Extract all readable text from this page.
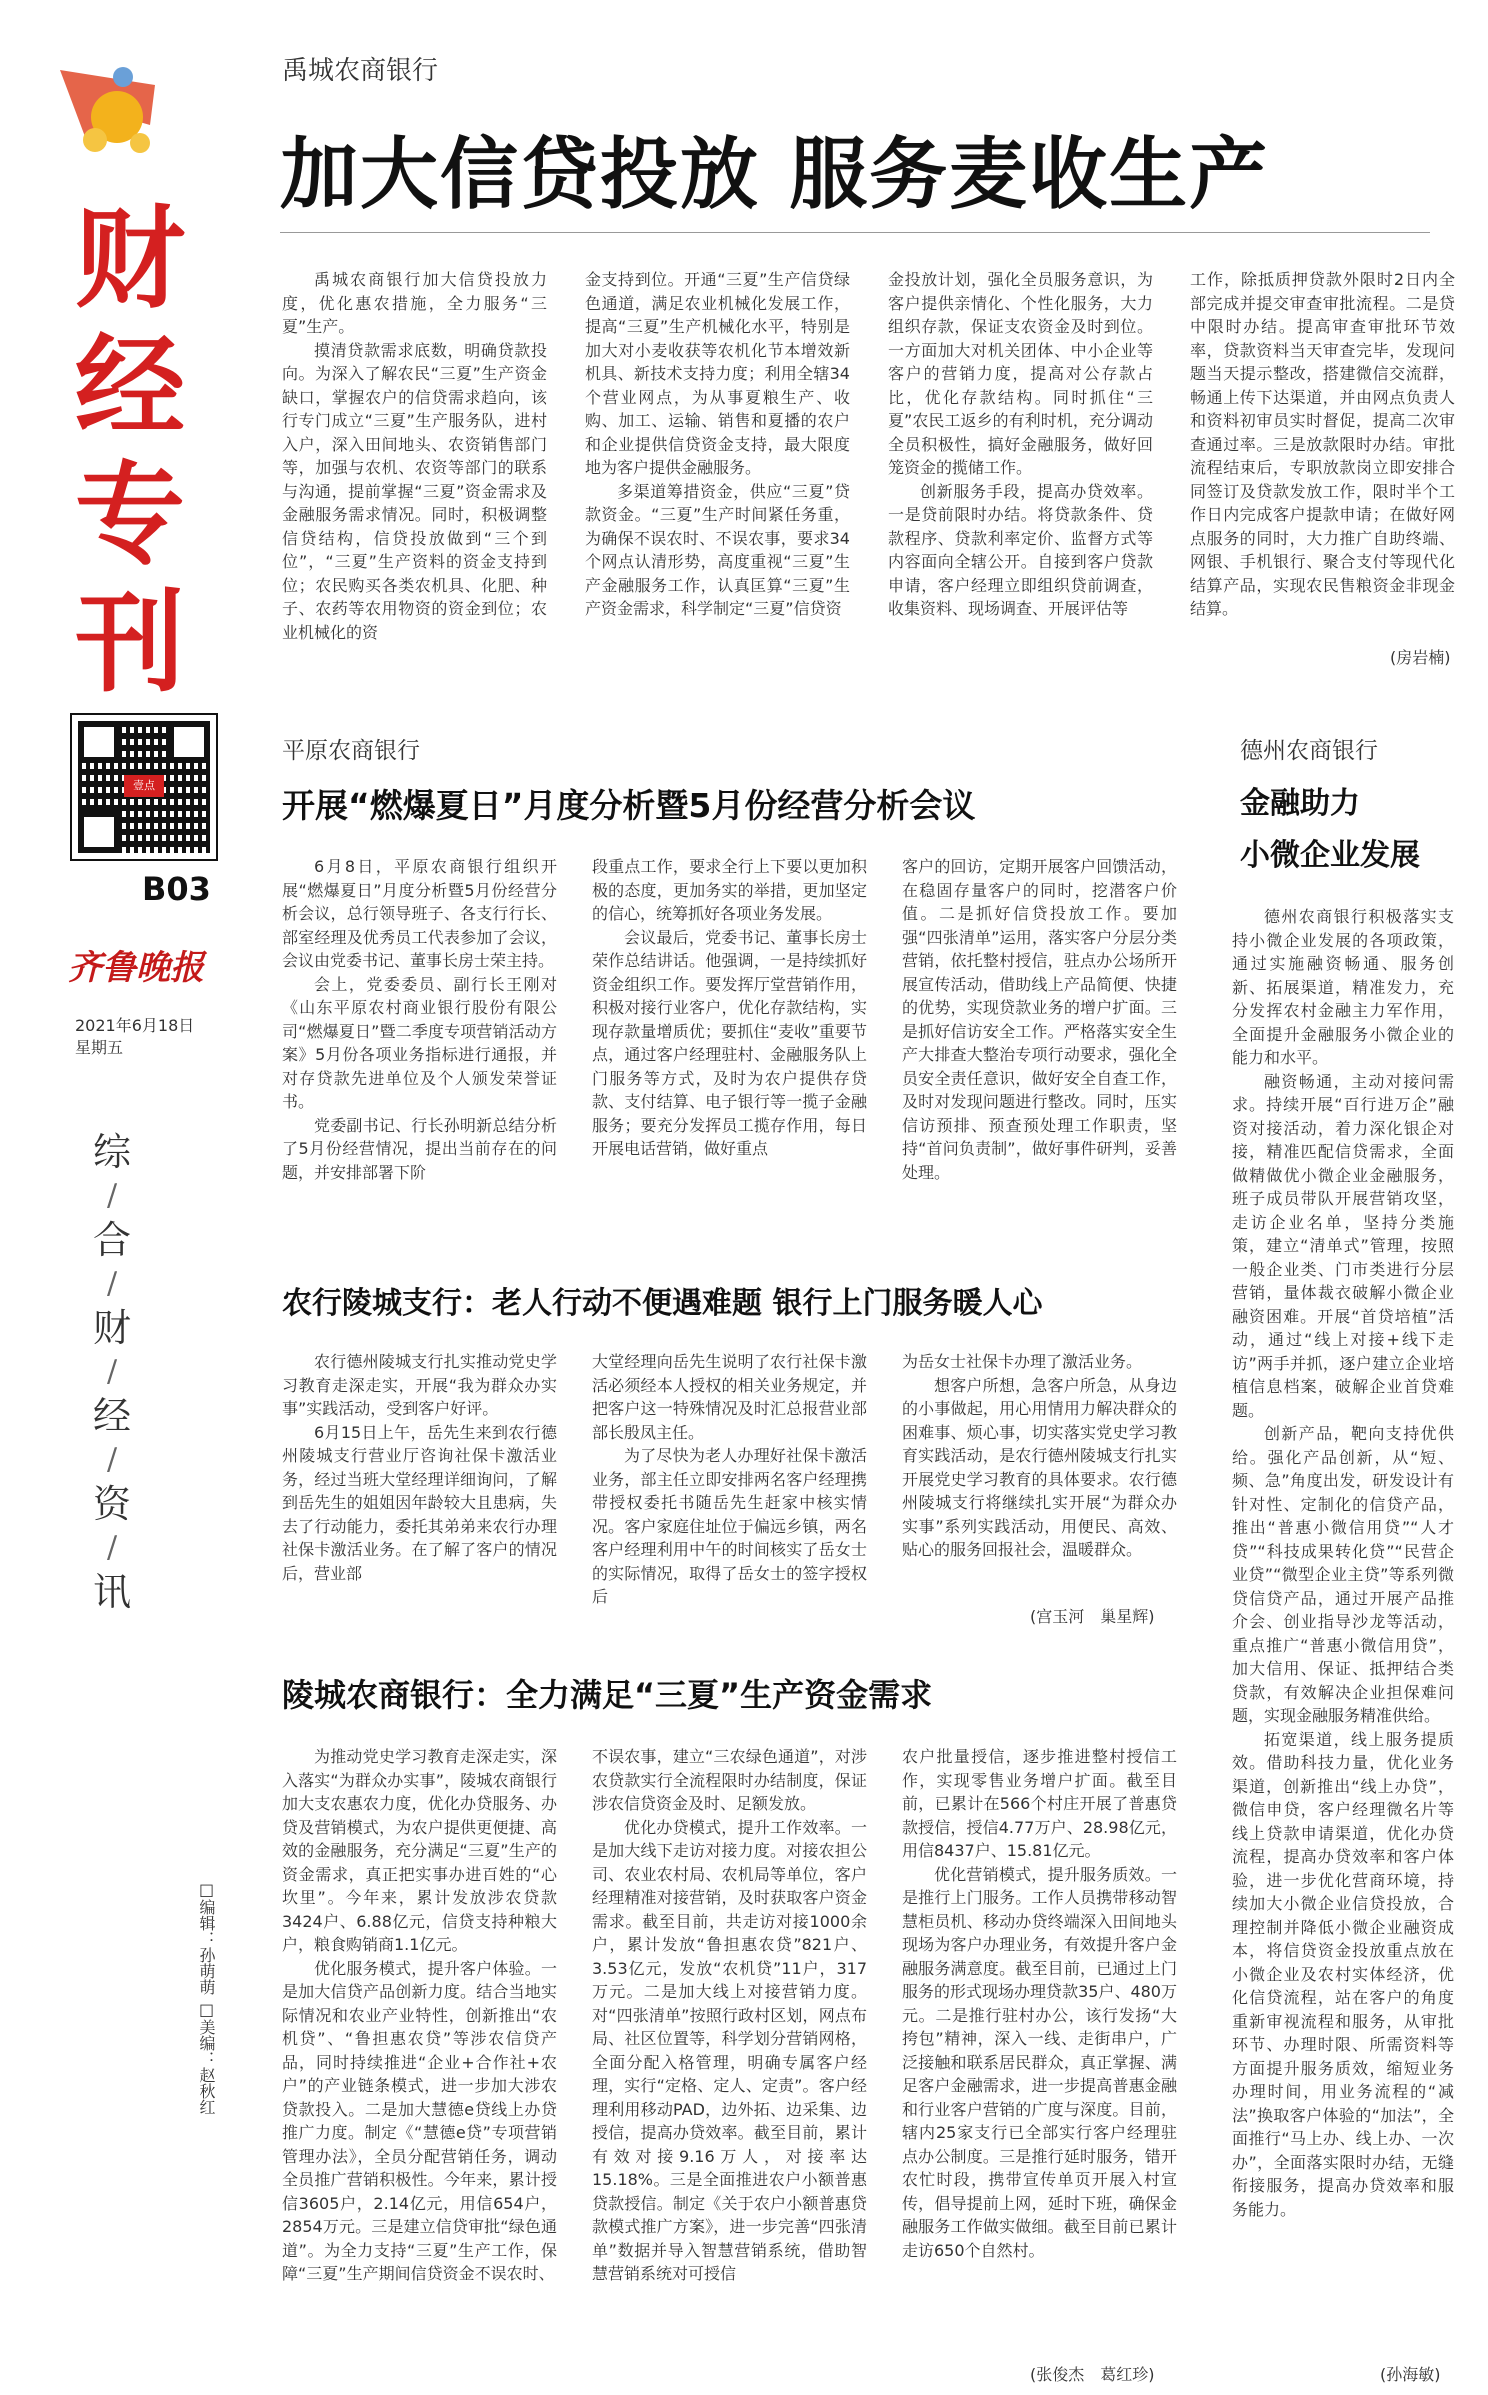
财
经
专
刊
壹点
B03
齐鲁晚报
2021年6月18日
星期五
综
/
合
/
财
/
经
/
资
/
讯
□编辑：孙萌萌 □美编：赵秋红
禹城农商银行
加大信贷投放 服务麦收生产

禹城农商银行加大信贷投放力度，优化惠农措施，全力服务“三夏”生产。

摸清贷款需求底数，明确贷款投向。为深入了解农民“三夏”生产资金缺口，掌握农户的信贷需求趋向，该行专门成立“三夏”生产服务队，进村入户，深入田间地头、农资销售部门等，加强与农机、农资等部门的联系与沟通，提前掌握“三夏”资金需求及金融服务需求情况。同时，积极调整信贷结构，信贷投放做到“三个到位”，“三夏”生产资料的资金支持到位；农民购买各类农机具、化肥、种子、农药等农用物资的资金到位；农业机械化的资

金支持到位。开通“三夏”生产信贷绿色通道，满足农业机械化发展工作，提高“三夏”生产机械化水平，特别是加大对小麦收获等农机化节本增效新机具、新技术支持力度；利用全辖34个营业网点，为从事夏粮生产、收购、加工、运输、销售和夏播的农户和企业提供信贷资金支持，最大限度地为客户提供金融服务。

多渠道筹措资金，供应“三夏”贷款资金。“三夏”生产时间紧任务重，为确保不误农时、不误农事，要求34个网点认清形势，高度重视“三夏”生产金融服务工作，认真匡算“三夏”生产资金需求，科学制定“三夏”信贷资

金投放计划，强化全员服务意识，为客户提供亲情化、个性化服务，大力组织存款，保证支农资金及时到位。一方面加大对机关团体、中小企业等客户的营销力度，提高对公存款占比，优化存款结构。同时抓住“三夏”农民工返乡的有利时机，充分调动全员积极性，搞好金融服务，做好回笼资金的揽储工作。

创新服务手段，提高办贷效率。一是贷前限时办结。将贷款条件、贷款程序、贷款利率定价、监督方式等内容面向全辖公开。自接到客户贷款申请，客户经理立即组织贷前调查，收集资料、现场调查、开展评估等

工作，除抵质押贷款外限时2日内全部完成并提交审查审批流程。二是贷中限时办结。提高审查审批环节效率，贷款资料当天审查完毕，发现问题当天提示整改，搭建微信交流群，畅通上传下达渠道，并由网点负责人和资料初审员实时督促，提高二次审查通过率。三是放款限时办结。审批流程结束后，专职放款岗立即安排合同签订及贷款发放工作，限时半个工作日内完成客户提款申请；在做好网点服务的同时，大力推广自助终端、网银、手机银行、聚合支付等现代化结算产品，实现农民售粮资金非现金结算。

(房岩楠)
平原农商银行
开展“燃爆夏日”月度分析暨5月份经营分析会议

6月8日，平原农商银行组织开展“燃爆夏日”月度分析暨5月份经营分析会议，总行领导班子、各支行行长、部室经理及优秀员工代表参加了会议，会议由党委书记、董事长房士荣主持。

会上，党委委员、副行长王刚对《山东平原农村商业银行股份有限公司“燃爆夏日”暨二季度专项营销活动方案》5月份各项业务指标进行通报，并对存贷款先进单位及个人颁发荣誉证书。

党委副书记、行长孙明新总结分析了5月份经营情况，提出当前存在的问题，并安排部署下阶

段重点工作，要求全行上下要以更加积极的态度，更加务实的举措，更加坚定的信心，统筹抓好各项业务发展。

会议最后，党委书记、董事长房士荣作总结讲话。他强调，一是持续抓好资金组织工作。要发挥厅堂营销作用，积极对接行业客户，优化存款结构，实现存款量增质优；要抓住“麦收”重要节点，通过客户经理驻村、金融服务队上门服务等方式，及时为农户提供存贷款、支付结算、电子银行等一揽子金融服务；要充分发挥员工揽存作用，每日开展电话营销，做好重点

客户的回访，定期开展客户回馈活动，在稳固存量客户的同时，挖潜客户价值。二是抓好信贷投放工作。要加强“四张清单”运用，落实客户分层分类营销，依托整村授信，驻点办公场所开展宣传活动，借助线上产品简便、快捷的优势，实现贷款业务的增户扩面。三是抓好信访安全工作。严格落实安全生产大排查大整治专项行动要求，强化全员安全责任意识，做好安全自查工作，及时对发现问题进行整改。同时，压实信访预排、预查预处理工作职责，坚持“首问负责制”，做好事件研判，妥善处理。

农行陵城支行：老人行动不便遇难题 银行上门服务暖人心

农行德州陵城支行扎实推动党史学习教育走深走实，开展“我为群众办实事”实践活动，受到客户好评。

6月15日上午，岳先生来到农行德州陵城支行营业厅咨询社保卡激活业务，经过当班大堂经理详细询问，了解到岳先生的姐姐因年龄较大且患病，失去了行动能力，委托其弟弟来农行办理社保卡激活业务。在了解了客户的情况后，营业部

大堂经理向岳先生说明了农行社保卡激活必须经本人授权的相关业务规定，并把客户这一特殊情况及时汇总报营业部部长殷凤主任。

为了尽快为老人办理好社保卡激活业务，部主任立即安排两名客户经理携带授权委托书随岳先生赶家中核实情况。客户家庭住址位于偏远乡镇，两名客户经理利用中午的时间核实了岳女士的实际情况，取得了岳女士的签字授权后

为岳女士社保卡办理了激活业务。

想客户所想，急客户所急，从身边的小事做起，用心用情用力解决群众的困难事、烦心事，切实落实党史学习教育实践活动，是农行德州陵城支行扎实开展党史学习教育的具体要求。农行德州陵城支行将继续扎实开展“为群众办实事”系列实践活动，用便民、高效、贴心的服务回报社会，温暖群众。

(宫玉河　巢星辉)
陵城农商银行：全力满足“三夏”生产资金需求

为推动党史学习教育走深走实，深入落实“为群众办实事”，陵城农商银行加大支农惠农力度，优化办贷服务、办贷及营销模式，为农户提供更便捷、高效的金融服务，充分满足“三夏”生产的资金需求，真正把实事办进百姓的“心坎里”。今年来，累计发放涉农贷款3424户、6.88亿元，信贷支持种粮大户，粮食购销商1.1亿元。

优化服务模式，提升客户体验。一是加大信贷产品创新力度。结合当地实际情况和农业产业特性，创新推出“农机贷”、“鲁担惠农贷”等涉农信贷产品，同时持续推进“企业+合作社+农户”的产业链条模式，进一步加大涉农贷款投入。二是加大慧德e贷线上办贷推广力度。制定《“慧德e贷”专项营销管理办法》，全员分配营销任务，调动全员推广营销积极性。今年来，累计授信3605户，2.14亿元，用信654户，2854万元。三是建立信贷审批“绿色通道”。为全力支持“三夏”生产工作，保障“三夏”生产期间信贷资金不误农时、

不误农事，建立“三农绿色通道”，对涉农贷款实行全流程限时办结制度，保证涉农信贷资金及时、足额发放。

优化办贷模式，提升工作效率。一是加大线下走访对接力度。对接农担公司、农业农村局、农机局等单位，客户经理精准对接营销，及时获取客户资金需求。截至目前，共走访对接1000余户，累计发放“鲁担惠农贷”821户、3.53亿元，发放“农机贷”11户，317万元。二是加大线上对接营销力度。对“四张清单”按照行政村区划，网点布局、社区位置等，科学划分营销网格，全面分配入格管理，明确专属客户经理，实行“定格、定人、定责”。客户经理利用移动PAD，边外拓、边采集、边授信，提高办贷效率。截至目前，累计有效对接9.16万人，对接率达15.18%。三是全面推进农户小额普惠贷款授信。制定《关于农户小额普惠贷款模式推广方案》，进一步完善“四张清单”数据并导入智慧营销系统，借助智慧营销系统对可授信

农户批量授信，逐步推进整村授信工作，实现零售业务增户扩面。截至目前，已累计在566个村庄开展了普惠贷款授信，授信4.77万户、28.98亿元，用信8437户、15.81亿元。

优化营销模式，提升服务质效。一是推行上门服务。工作人员携带移动智慧柜员机、移动办贷终端深入田间地头现场为客户办理业务，有效提升客户金融服务满意度。截至目前，已通过上门服务的形式现场办理贷款35户、480万元。二是推行驻村办公，该行发扬“大挎包”精神，深入一线、走街串户，广泛接触和联系居民群众，真正掌握、满足客户金融需求，进一步提高普惠金融和行业客户营销的广度与深度。目前，辖内25家支行已全部实行客户经理驻点办公制度。三是推行延时服务，错开农忙时段，携带宣传单页开展入村宣传，倡导提前上网，延时下班，确保金融服务工作做实做细。截至目前已累计走访650个自然村。

(张俊杰　葛红珍)
德州农商银行
金融助力
小微企业发展

德州农商银行积极落实支持小微企业发展的各项政策，通过实施融资畅通、服务创新、拓展渠道，精准发力，充分发挥农村金融主力军作用，全面提升金融服务小微企业的能力和水平。

融资畅通，主动对接问需求。持续开展“百行进万企”融资对接活动，着力深化银企对接，精准匹配信贷需求，全面做精做优小微企业金融服务，班子成员带队开展营销攻坚，走访企业名单，坚持分类施策，建立“清单式”管理，按照一般企业类、门市类进行分层营销，量体裁衣破解小微企业融资困难。开展“首贷培植”活动，通过“线上对接+线下走访”两手并抓，逐户建立企业培植信息档案，破解企业首贷难题。

创新产品，靶向支持优供给。强化产品创新，从“短、频、急”角度出发，研发设计有针对性、定制化的信贷产品，推出“普惠小微信用贷”“人才贷”“科技成果转化贷”“民营企业贷”“微型企业主贷”等系列微贷信贷产品，通过开展产品推介会、创业指导沙龙等活动，重点推广“普惠小微信用贷”，加大信用、保证、抵押结合类贷款，有效解决企业担保难问题，实现金融服务精准供给。

拓宽渠道，线上服务提质效。借助科技力量，优化业务渠道，创新推出“线上办贷”，微信申贷，客户经理微名片等线上贷款申请渠道，优化办贷流程，提高办贷效率和客户体验，进一步优化营商环境，持续加大小微企业信贷投放，合理控制并降低小微企业融资成本，将信贷资金投放重点放在小微企业及农村实体经济，优化信贷流程，站在客户的角度重新审视流程和服务，从审批环节、办理时限、所需资料等方面提升服务质效，缩短业务办理时间，用业务流程的“减法”换取客户体验的“加法”，全面推行“马上办、线上办、一次办”，全面落实限时办结，无缝衔接服务，提高办贷效率和服务能力。

(孙海敏)
